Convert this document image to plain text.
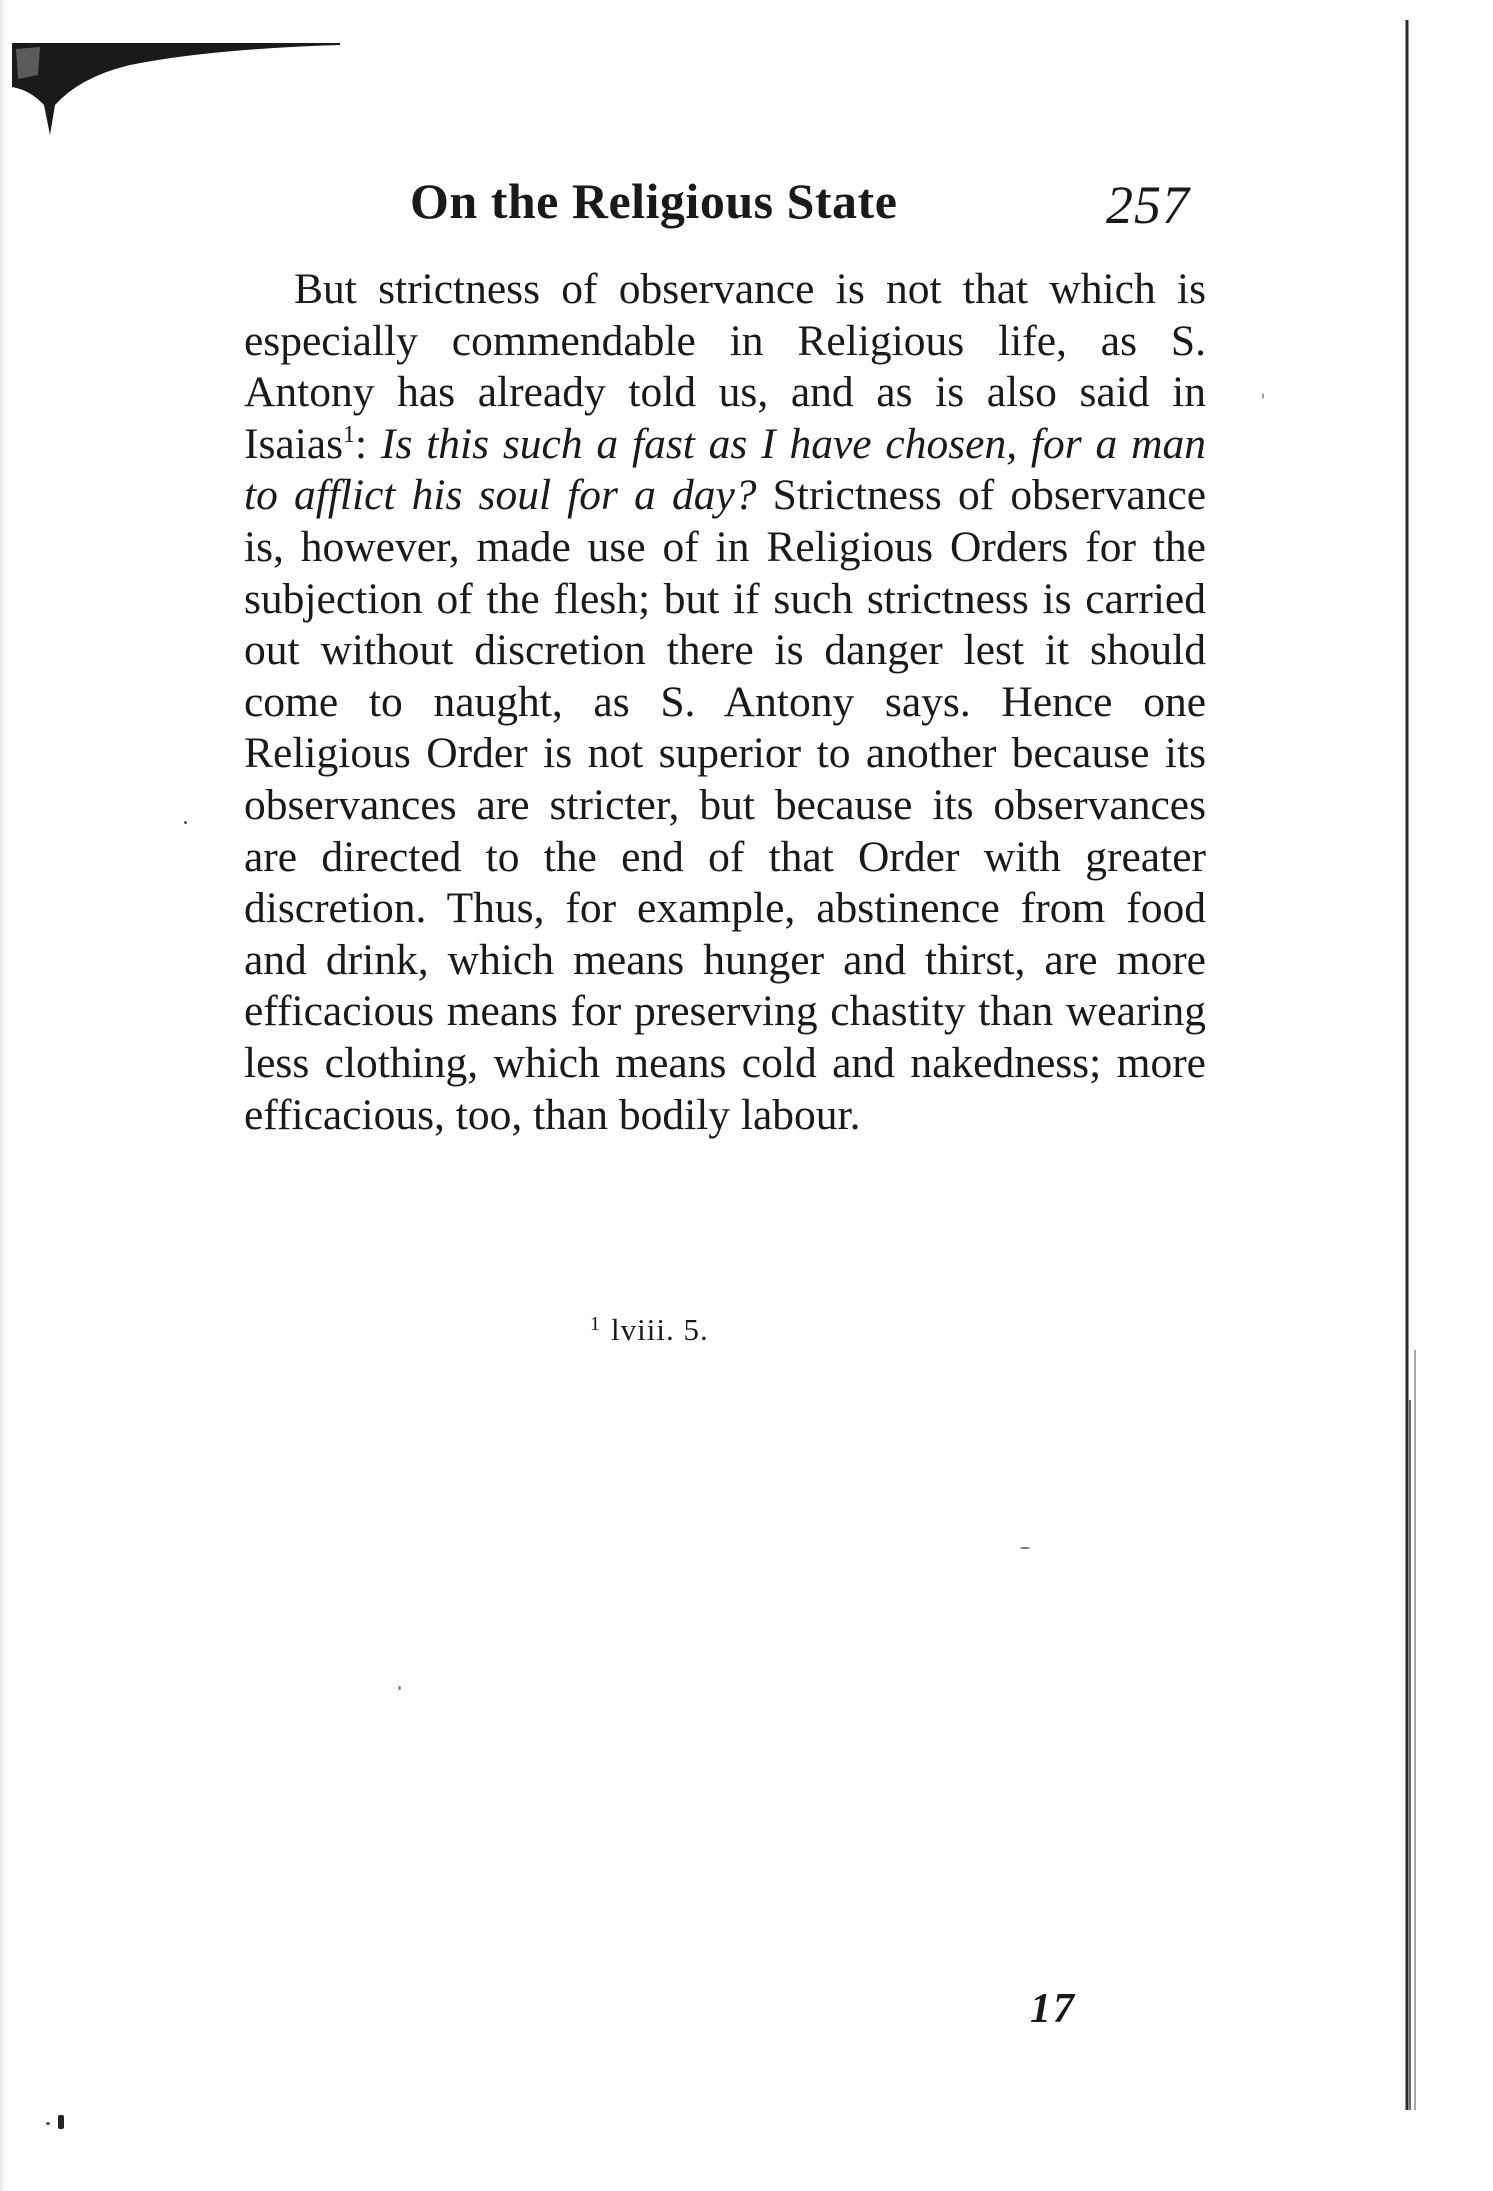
On the Religious State	257

But strictness of observance is not that which is especially commendable in Religious life, as S. Antony has already told us, and as is also said in Isaias$^1$: Is this such a fast as I have chosen, for a man to afflict his soul for a day? Strictness of observance is, however, made use of in Religious Orders for the subjection of the flesh; but if such strictness is carried out without discretion there is danger lest it should come to naught, as S. Antony says. Hence one Religious Order is not superior to another because its observances are stricter, but because its observances are directed to the end of that Order with greater discretion. Thus, for example, abstinence from food and drink, which means hunger and thirst, are more efficacious means for preserving chastity than wearing less clothing, which means cold and nakedness; more efficacious, too, than bodily labour.

$^1$ lviii. 5.
17
